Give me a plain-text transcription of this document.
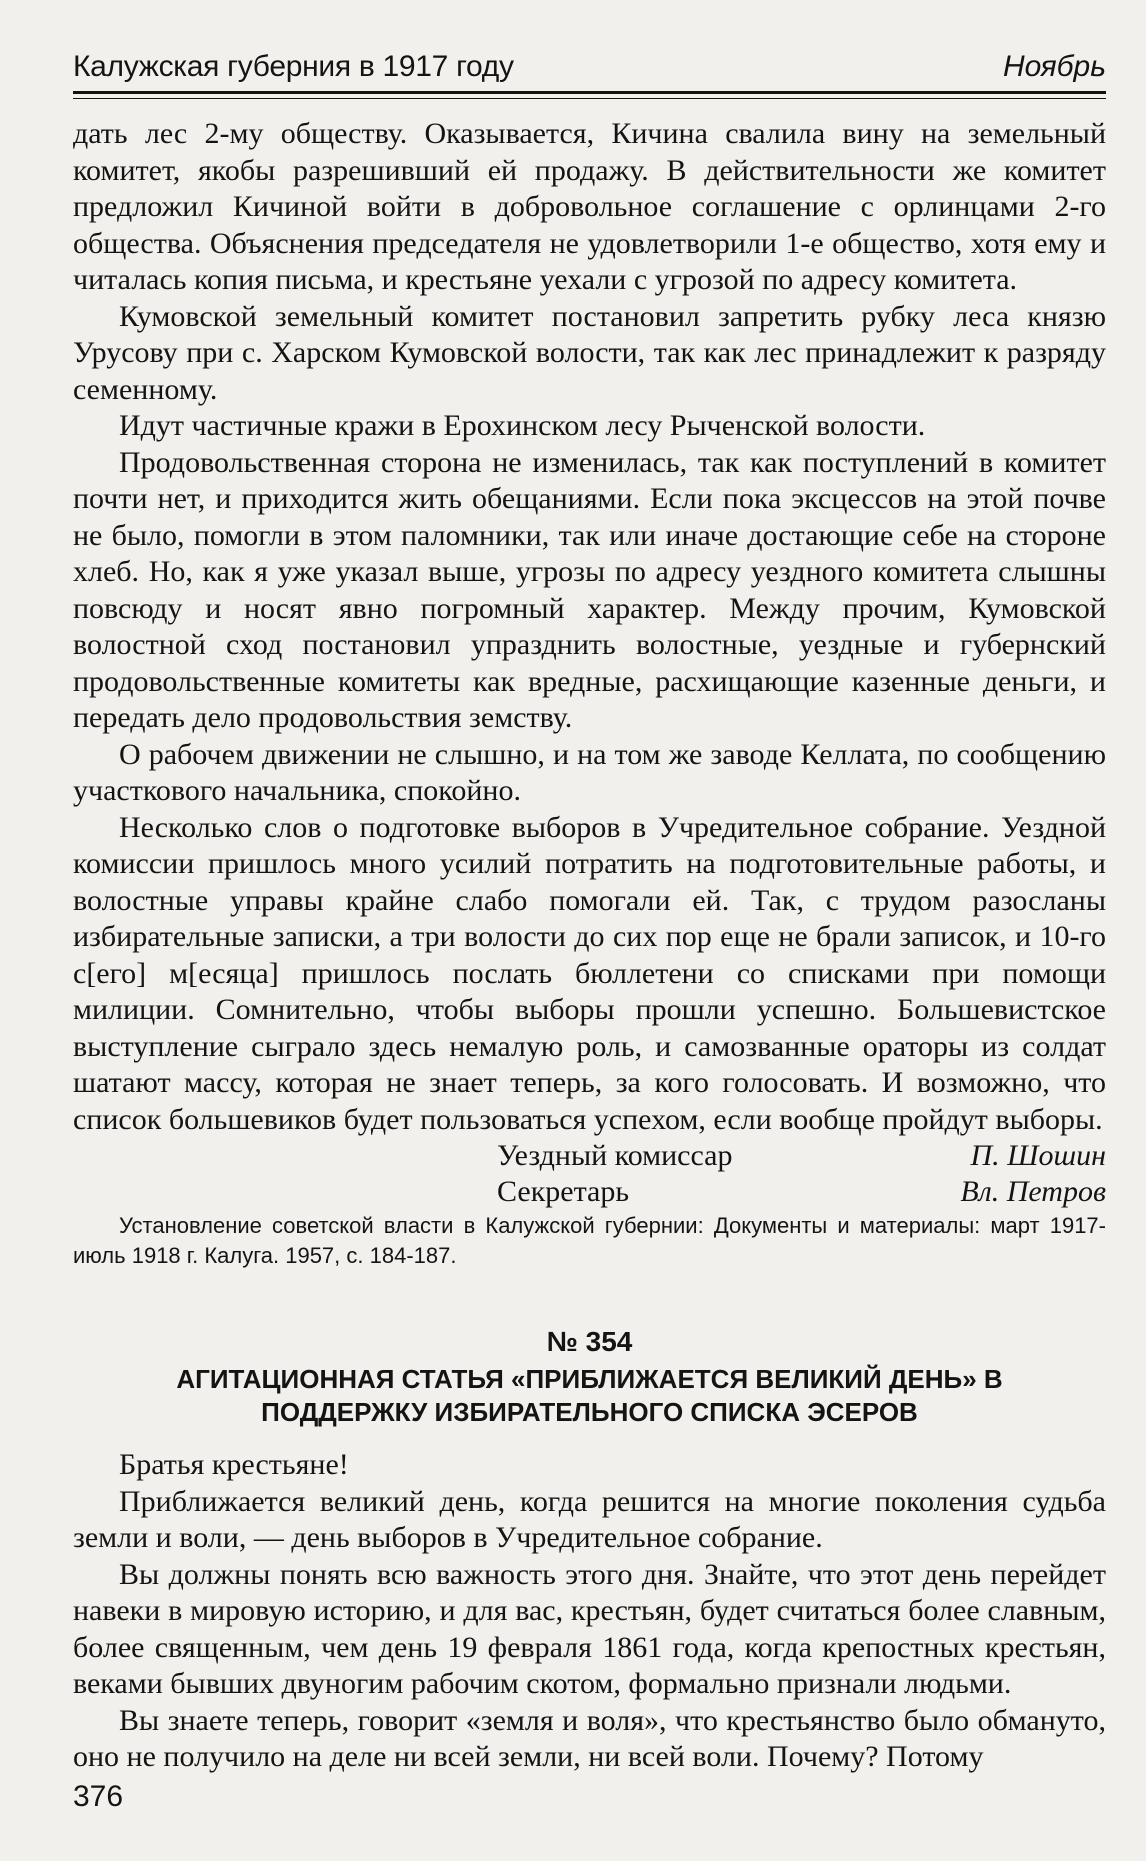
Калужская губерния в 1917 году	Ноябрь

дать лес 2-му обществу. Оказывается, Кичина свалила вину на земельный комитет, якобы разрешивший ей продажу. В действительности же комитет предложил Кичиной войти в добровольное соглашение с орлинцами 2-го общества. Объяснения председателя не удовлетворили 1-е общество, хотя ему и читалась копия письма, и крестьяне уехали с угрозой по адресу комитета.

Кумовской земельный комитет постановил запретить рубку леса князю Урусову при с. Харском Кумовской волости, так как лес принадлежит к разряду семенному.

Идут частичные кражи в Ерохинском лесу Рыченской волости.

Продовольственная сторона не изменилась, так как поступлений в комитет почти нет, и приходится жить обещаниями. Если пока эксцессов на этой почве не было, помогли в этом паломники, так или иначе достающие себе на стороне хлеб. Но, как я уже указал выше, угрозы по адресу уездного комитета слышны повсюду и носят явно погромный характер. Между прочим, Кумовской волостной сход постановил упразднить волостные, уездные и губернский продовольственные комитеты как вредные, расхищающие казенные деньги, и передать дело продовольствия земству.

О рабочем движении не слышно, и на том же заводе Келлата, по сообщению участкового начальника, спокойно.

Несколько слов о подготовке выборов в Учредительное собрание. Уездной комиссии пришлось много усилий потратить на подготовительные работы, и волостные управы крайне слабо помогали ей. Так, с трудом разосланы избирательные записки, а три волости до сих пор еще не брали записок, и 10-го с[его] м[есяца] пришлось послать бюллетени со списками при помощи милиции. Сомнительно, чтобы выборы прошли успешно. Большевистское выступление сыграло здесь немалую роль, и самозванные ораторы из солдат шатают массу, которая не знает теперь, за кого голосовать. И возможно, что список большевиков будет пользоваться успехом, если вообще пройдут выборы.

Уездный комиссар	П. Шошин
Секретарь	Вл. Петров

Установление советской власти в Калужской губернии: Документы и материалы: март 1917-июль 1918 г. Калуга. 1957, с. 184-187.

№ 354
АГИТАЦИОННАЯ СТАТЬЯ «ПРИБЛИЖАЕТСЯ ВЕЛИКИЙ ДЕНЬ» В
ПОДДЕРЖКУ ИЗБИРАТЕЛЬНОГО СПИСКА ЭСЕРОВ

Братья крестьяне!

Приближается великий день, когда решится на многие поколения судьба земли и воли, — день выборов в Учредительное собрание.

Вы должны понять всю важность этого дня. Знайте, что этот день перейдет навеки в мировую историю, и для вас, крестьян, будет считаться более славным, более священным, чем день 19 февраля 1861 года, когда крепостных крестьян, веками бывших двуногим рабочим скотом, формально признали людьми.

Вы знаете теперь, говорит «земля и воля», что крестьянство было обмануто, оно не получило на деле ни всей земли, ни всей воли. Почему? Потому

376
